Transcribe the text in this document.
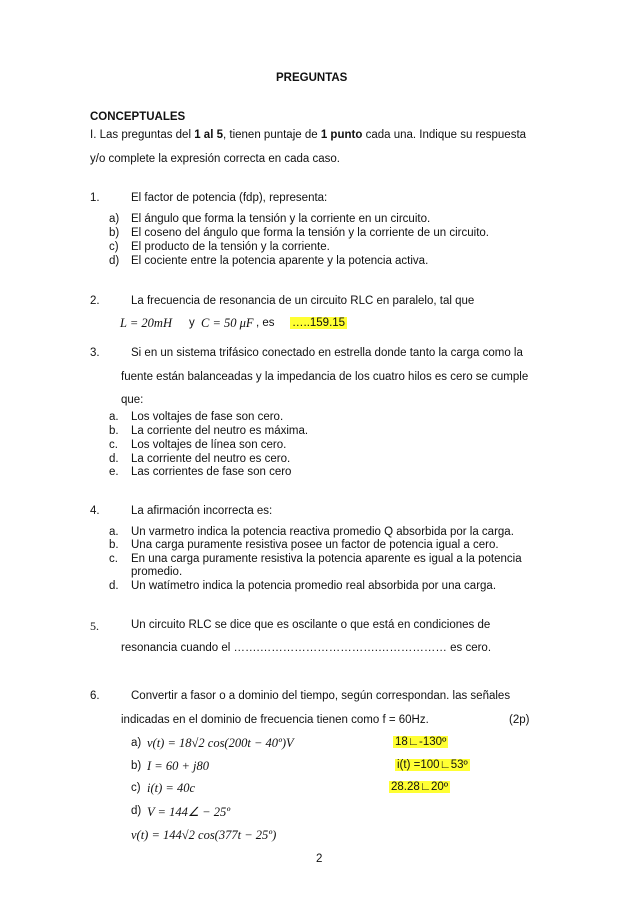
PREGUNTAS
CONCEPTUALES
I. Las preguntas del 1 al 5, tienen puntaje de 1 punto cada una. Indique su respuesta
y/o complete la expresión correcta en cada caso.
1.	El factor de potencia (fdp), representa:
a) El ángulo que forma la tensión y la corriente en un circuito.
b) El coseno del ángulo que forma la tensión y la corriente de un circuito.
c) El producto de la tensión y la corriente.
d) El cociente entre la potencia aparente y la potencia activa.
2.	La frecuencia de resonancia de un circuito RLC en paralelo, tal que
L = 20mH y C = 50 μF , es …..159.15
3.	Si en un sistema trifásico conectado en estrella donde tanto la carga como la
fuente están balanceadas y la impedancia de los cuatro hilos es cero se cumple
que:
a. Los voltajes de fase son cero.
b. La corriente del neutro es máxima.
c. Los voltajes de línea son cero.
d. La corriente del neutro es cero.
e. Las corrientes de fase son cero
4.	La afirmación incorrecta es:
a. Un varmetro indica la potencia reactiva promedio Q absorbida por la carga.
b. Una carga puramente resistiva posee un factor de potencia igual a cero.
c. En una carga puramente resistiva la potencia aparente es igual a la potencia
promedio.
d. Un watímetro indica la potencia promedio real absorbida por una carga.
5.	Un circuito RLC se dice que es oscilante o que está en condiciones de
resonancia cuando el …….………………………….……………… es cero.
6.	Convertir a fasor o a dominio del tiempo, según correspondan. las señales
indicadas en el dominio de frecuencia tienen como f = 60Hz.	(2p)
a) v(t) = 18√2 cos(200t − 40º)V	18∟-130º
b) I = 60 + j80	i(t) =100∟53º
c) i(t) = 40c	28.28∟20º
d) V = 144∠ − 25º
v(t) = 144√2 cos(377t − 25º)
2
